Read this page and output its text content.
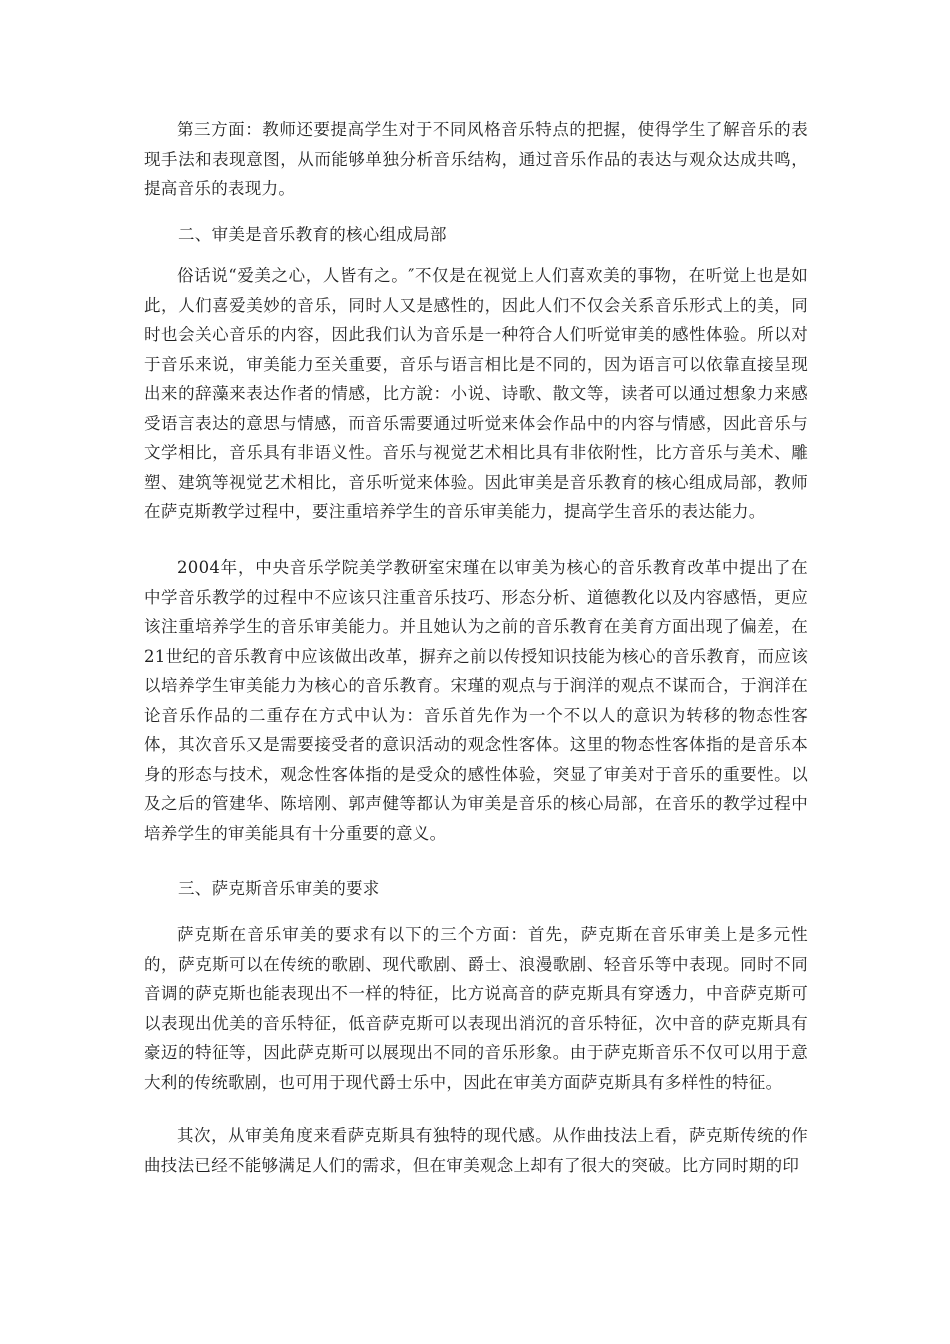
第三方面：教师还要提高学生对于不同风格音乐特点的把握，使得学生了解音乐的表现手法和表现意图，从而能够单独分析音乐结构，通过音乐作品的表达与观众达成共鸣，提高音乐的表现力。

二、审美是音乐教育的核心组成局部

俗话说“爱美之心，人皆有之。″不仅是在视觉上人们喜欢美的事物，在听觉上也是如此，人们喜爱美妙的音乐，同时人又是感性的，因此人们不仅会关系音乐形式上的美，同时也会关心音乐的内容，因此我们认为音乐是一种符合人们听觉审美的感性体验。所以对于音乐来说，审美能力至关重要，音乐与语言相比是不同的，因为语言可以依靠直接呈现出来的辞藻来表达作者的情感，比方說：小说、诗歌、散文等，读者可以通过想象力来感受语言表达的意思与情感，而音乐需要通过听觉来体会作品中的内容与情感，因此音乐与文学相比，音乐具有非语义性。音乐与视觉艺术相比具有非依附性，比方音乐与美术、雕塑、建筑等视觉艺术相比，音乐听觉来体验。因此审美是音乐教育的核心组成局部，教师在萨克斯教学过程中，要注重培养学生的音乐审美能力，提高学生音乐的表达能力。

2004年，中央音乐学院美学教研室宋瑾在以审美为核心的音乐教育改革中提出了在中学音乐教学的过程中不应该只注重音乐技巧、形态分析、道德教化以及内容感悟，更应该注重培养学生的音乐审美能力。并且她认为之前的音乐教育在美育方面出现了偏差，在21世纪的音乐教育中应该做出改革，摒弃之前以传授知识技能为核心的音乐教育，而应该以培养学生审美能力为核心的音乐教育。宋瑾的观点与于润洋的观点不谋而合，于润洋在论音乐作品的二重存在方式中认为：音乐首先作为一个不以人的意识为转移的物态性客体，其次音乐又是需要接受者的意识活动的观念性客体。这里的物态性客体指的是音乐本身的形态与技术，观念性客体指的是受众的感性体验，突显了审美对于音乐的重要性。以及之后的管建华、陈培刚、郭声健等都认为审美是音乐的核心局部，在音乐的教学过程中培养学生的审美能具有十分重要的意义。

三、萨克斯音乐审美的要求

萨克斯在音乐审美的要求有以下的三个方面：首先，萨克斯在音乐审美上是多元性的，萨克斯可以在传统的歌剧、现代歌剧、爵士、浪漫歌剧、轻音乐等中表现。同时不同音调的萨克斯也能表现出不一样的特征，比方说高音的萨克斯具有穿透力，中音萨克斯可以表现出优美的音乐特征，低音萨克斯可以表现出消沉的音乐特征，次中音的萨克斯具有豪迈的特征等，因此萨克斯可以展现出不同的音乐形象。由于萨克斯音乐不仅可以用于意大利的传统歌剧，也可用于现代爵士乐中，因此在审美方面萨克斯具有多样性的特征。

其次，从审美角度来看萨克斯具有独特的现代感。从作曲技法上看，萨克斯传统的作曲技法已经不能够满足人们的需求，但在审美观念上却有了很大的突破。比方同时期的印
